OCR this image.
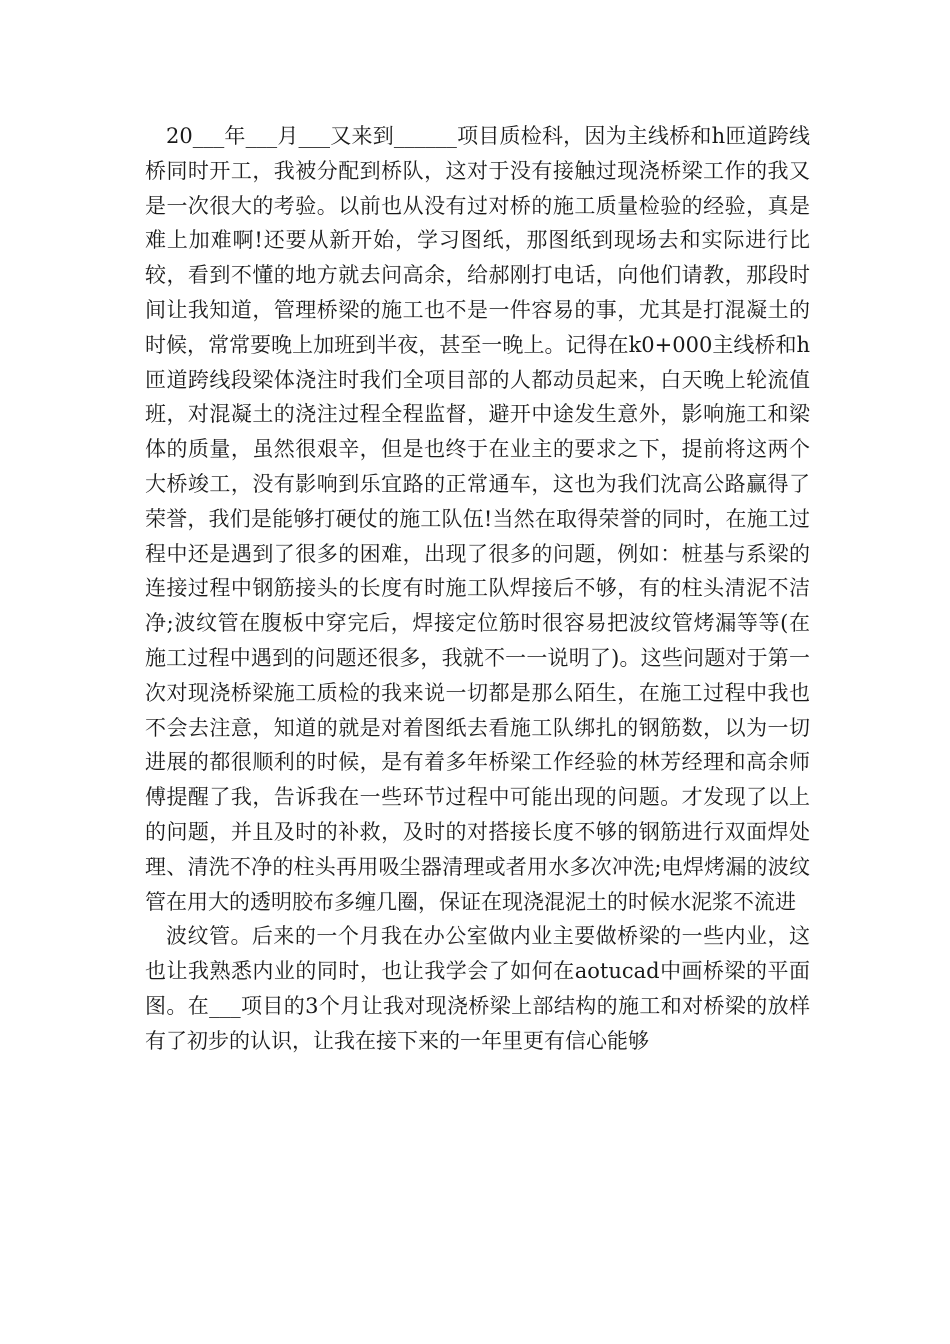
20___年___月___又来到______项目质检科，因为主线桥和h匝道跨线桥同时开工，我被分配到桥队，这对于没有接触过现浇桥梁工作的我又是一次很大的考验。以前也从没有过对桥的施工质量检验的经验，真是难上加难啊!还要从新开始，学习图纸，那图纸到现场去和实际进行比较，看到不懂的地方就去问高余，给郝刚打电话，向他们请教，那段时间让我知道，管理桥梁的施工也不是一件容易的事，尤其是打混凝土的时候，常常要晚上加班到半夜，甚至一晚上。记得在k0+000主线桥和h匝道跨线段梁体浇注时我们全项目部的人都动员起来，白天晚上轮流值班，对混凝土的浇注过程全程监督，避开中途发生意外，影响施工和梁体的质量，虽然很艰辛，但是也终于在业主的要求之下，提前将这两个大桥竣工，没有影响到乐宜路的正常通车，这也为我们沈高公路赢得了荣誉，我们是能够打硬仗的施工队伍!当然在取得荣誉的同时，在施工过程中还是遇到了很多的困难，出现了很多的问题，例如：桩基与系梁的连接过程中钢筋接头的长度有时施工队焊接后不够，有的柱头清泥不洁净;波纹管在腹板中穿完后，焊接定位筋时很容易把波纹管烤漏等等(在施工过程中遇到的问题还很多，我就不一一说明了)。这些问题对于第一次对现浇桥梁施工质检的我来说一切都是那么陌生，在施工过程中我也不会去注意，知道的就是对着图纸去看施工队绑扎的钢筋数，以为一切进展的都很顺利的时候，是有着多年桥梁工作经验的林芳经理和高余师傅提醒了我，告诉我在一些环节过程中可能出现的问题。才发现了以上的问题，并且及时的补救，及时的对搭接长度不够的钢筋进行双面焊处理、清洗不净的柱头再用吸尘器清理或者用水多次冲洗;电焊烤漏的波纹管在用大的透明胶布多缠几圈，保证在现浇混泥土的时候水泥浆不流进

波纹管。后来的一个月我在办公室做内业主要做桥梁的一些内业，这也让我熟悉内业的同时，也让我学会了如何在aotucad中画桥梁的平面图。在___项目的3个月让我对现浇桥梁上部结构的施工和对桥梁的放样有了初步的认识，让我在接下来的一年里更有信心能够
